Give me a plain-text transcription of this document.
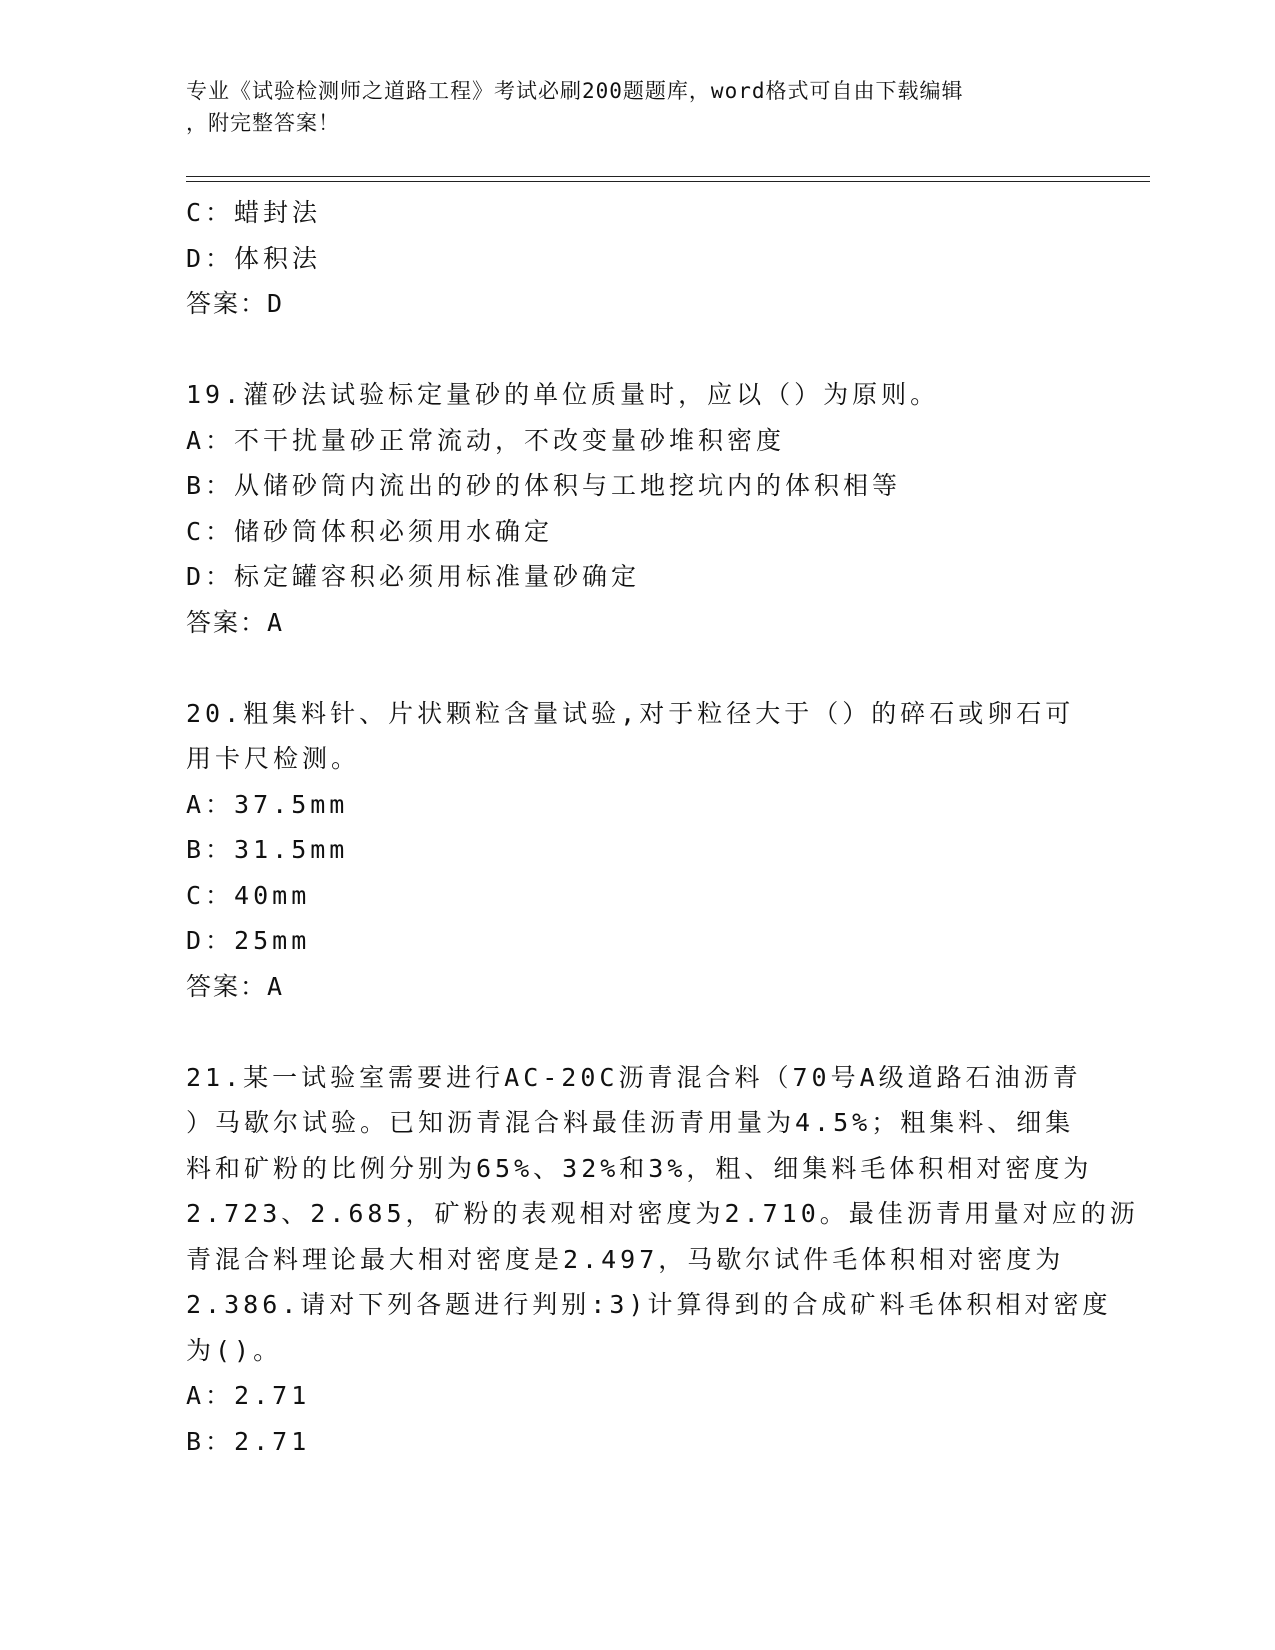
专业《试验检测师之道路工程》考试必刷200题题库，word格式可自由下载编辑
，附完整答案！
C：蜡封法
D：体积法
答案：D
19.灌砂法试验标定量砂的单位质量时，应以（）为原则。
A：不干扰量砂正常流动，不改变量砂堆积密度
B：从储砂筒内流出的砂的体积与工地挖坑内的体积相等
C：储砂筒体积必须用水确定
D：标定罐容积必须用标准量砂确定
答案：A
20.粗集料针、片状颗粒含量试验,对于粒径大于（）的碎石或卵石可
用卡尺检测。
A：37.5mm
B：31.5mm
C：40mm
D：25mm
答案：A
21.某一试验室需要进行AC-20C沥青混合料（70号A级道路石油沥青
）马歇尔试验。已知沥青混合料最佳沥青用量为4.5%；粗集料、细集
料和矿粉的比例分别为65%、32%和3%，粗、细集料毛体积相对密度为
2.723、2.685，矿粉的表观相对密度为2.710。最佳沥青用量对应的沥
青混合料理论最大相对密度是2.497，马歇尔试件毛体积相对密度为
2.386.请对下列各题进行判别:3)计算得到的合成矿料毛体积相对密度
为()。
A：2.71
B：2.71
